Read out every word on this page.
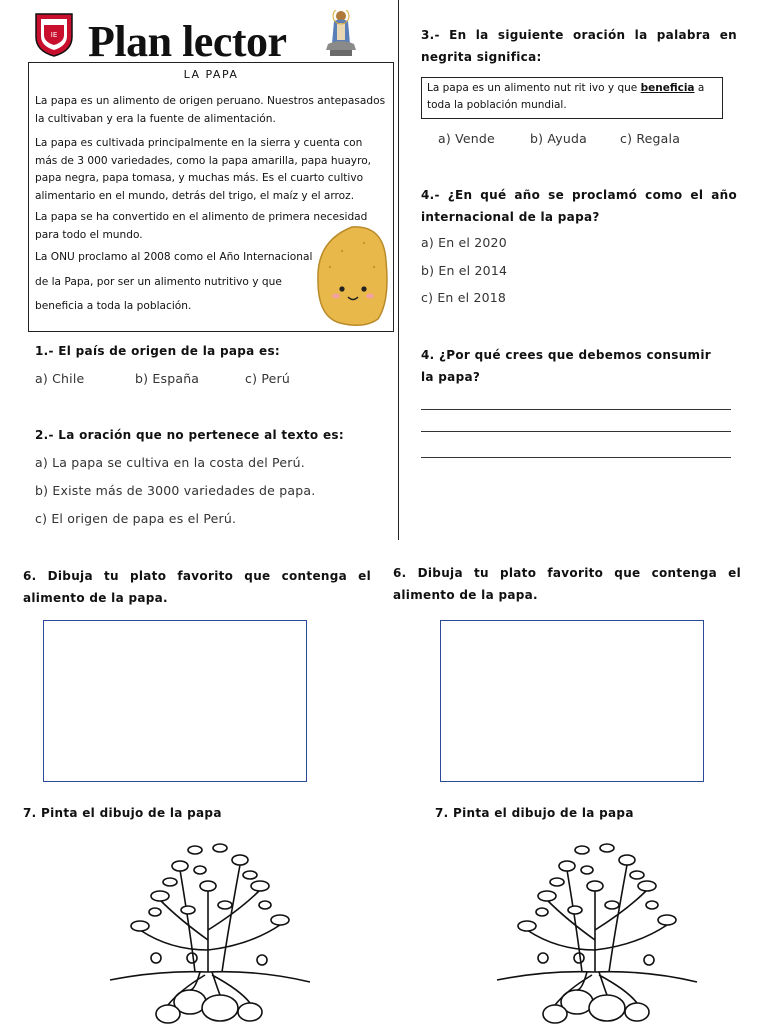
IE Plan lector
LA PAPA
La papa es un alimento de origen peruano. Nuestros antepasados la cultivaban y era la fuente de alimentación.
La papa es cultivada principalmente en la sierra y cuenta con más de 3 000 variedades, como la papa amarilla, papa huayro, papa negra, papa tomasa, y muchas más. Es el cuarto cultivo alimentario en el mundo, detrás del trigo, el maíz y el arroz.
La papa se ha convertido en el alimento de primera necesidad para todo el mundo.
La ONU proclamo al 2008 como el Año Internacional
de la Papa, por ser un alimento nutritivo y que
beneficia a toda la población.
1.- El país de origen de la papa es:
a) Chile	b) España	c) Perú
2.- La oración que no pertenece al texto es:
a) La papa se cultiva en la costa del Perú.
b) Existe más de 3000 variedades de papa.
c) El origen de papa es el Perú.
3.- En la siguiente oración la palabra en negrita significa:
La papa es un alimento nut rit ivo y que beneficia a toda la población mundial.
a) Vende	b) Ayuda	c) Regala
4.- ¿En qué año se proclamó como el año internacional de la papa?
a) En el 2020
b) En el 2014
c) En el 2018
4. ¿Por qué crees que debemos consumir la papa?
6. Dibuja tu plato favorito que contenga el alimento de la papa.
6. Dibuja tu plato favorito que contenga el alimento de la papa.
7. Pinta el dibujo de la papa	7. Pinta el dibujo de la papa
